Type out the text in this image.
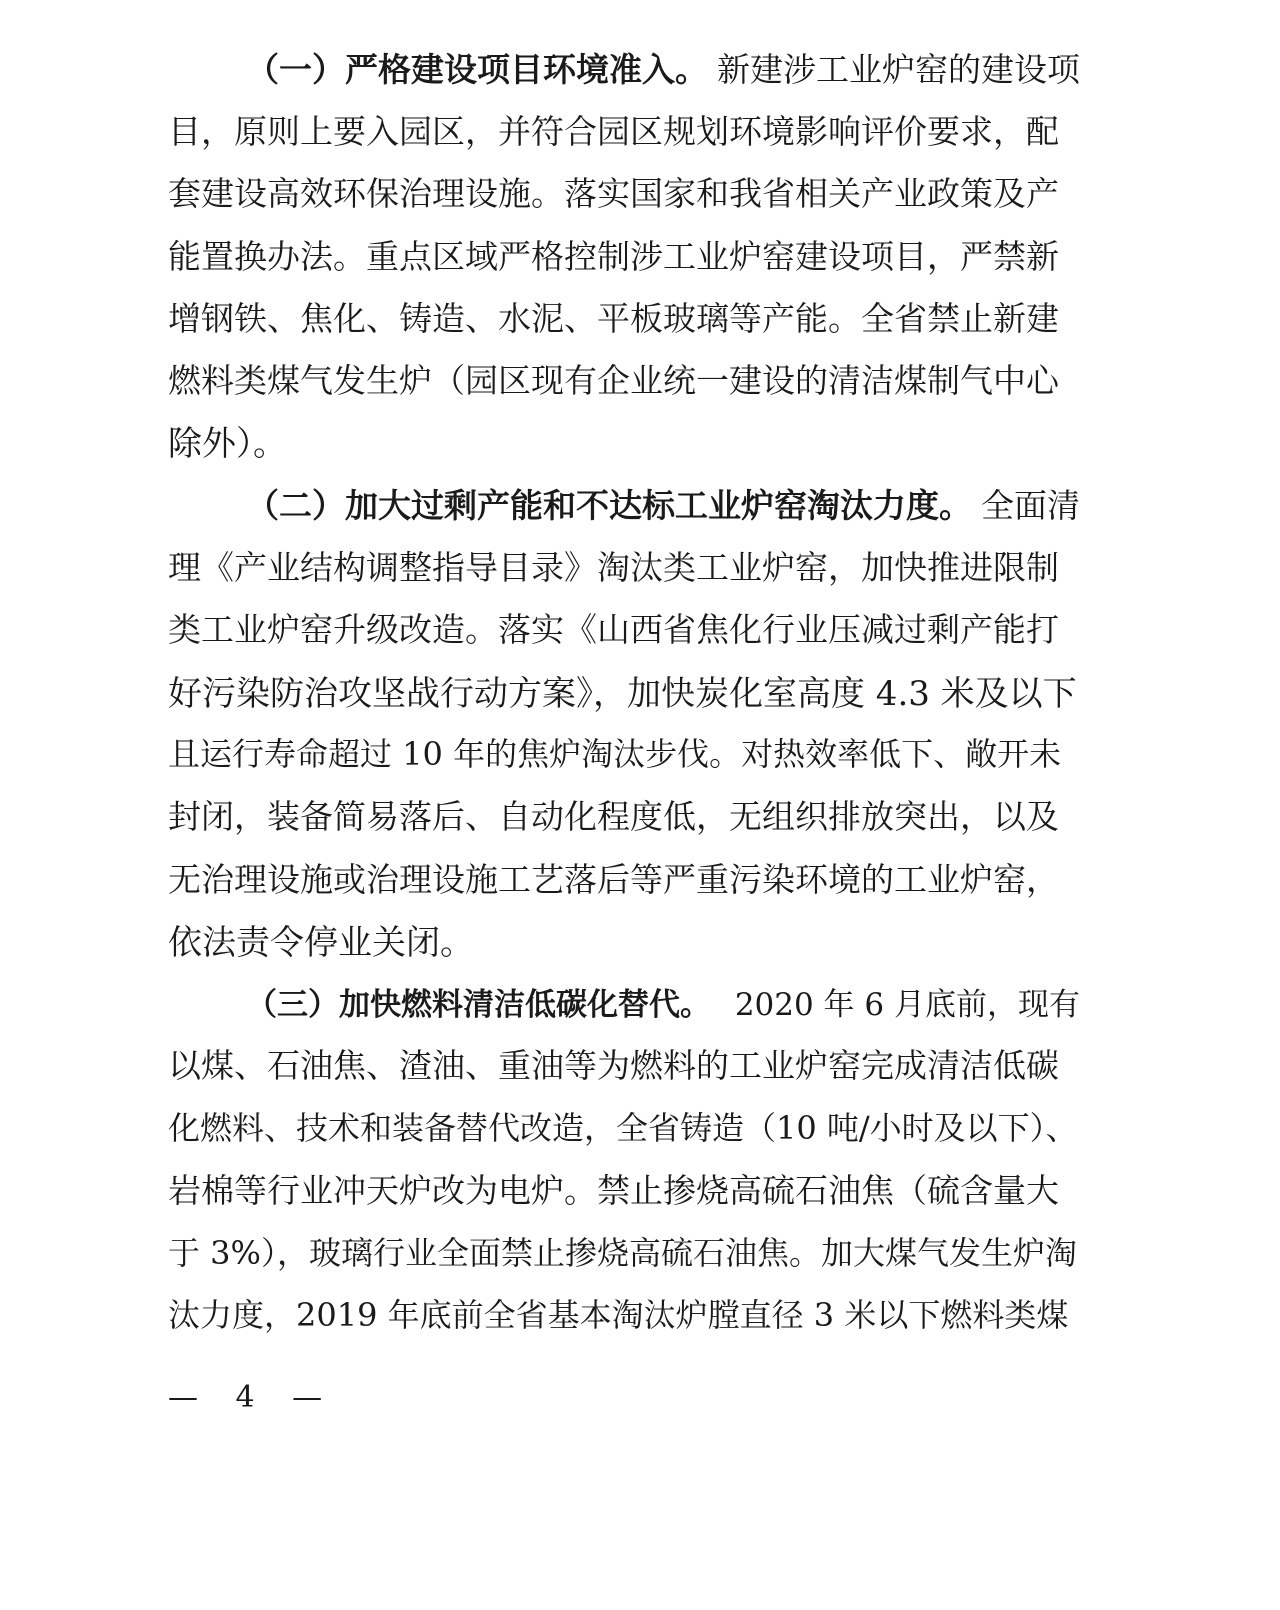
（一）严格建设项目环境准入。 新建涉工业炉窑的建设项
目，原则上要入园区，并符合园区规划环境影响评价要求，配
套建设高效环保治理设施。落实国家和我省相关产业政策及产
能置换办法。重点区域严格控制涉工业炉窑建设项目，严禁新
增钢铁、焦化、铸造、水泥、平板玻璃等产能。全省禁止新建
燃料类煤气发生炉（园区现有企业统一建设的清洁煤制气中心
除外）。
（二）加大过剩产能和不达标工业炉窑淘汰力度。 全面清
理《产业结构调整指导目录》淘汰类工业炉窑，加快推进限制
类工业炉窑升级改造。落实《山西省焦化行业压减过剩产能打
好污染防治攻坚战行动方案》，加快炭化室高度 4.3 米及以下
且运行寿命超过 10 年的焦炉淘汰步伐。对热效率低下、敞开未
封闭，装备简易落后、自动化程度低，无组织排放突出，以及
无治理设施或治理设施工艺落后等严重污染环境的工业炉窑，
依法责令停业关闭。
（三）加快燃料清洁低碳化替代。 2020 年 6 月底前，现有
以煤、石油焦、渣油、重油等为燃料的工业炉窑完成清洁低碳
化燃料、技术和装备替代改造，全省铸造（10 吨/小时及以下）、
岩棉等行业冲天炉改为电炉。禁止掺烧高硫石油焦（硫含量大
于 3%），玻璃行业全面禁止掺烧高硫石油焦。加大煤气发生炉淘
汰力度，2019 年底前全省基本淘汰炉膛直径 3 米以下燃料类煤
— 4 —
